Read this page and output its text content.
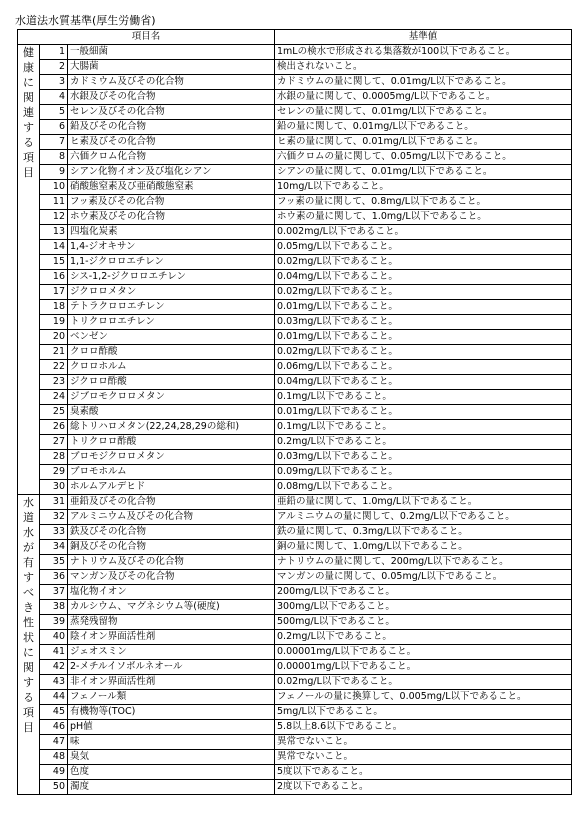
水道法水質基準(厚生労働省)
項目名			基準値

健康に関連する項目	1	一般細菌	1mLの検水で形成される集落数が100以下であること。
	2	大腸菌	検出されないこと。
	3	カドミウム及びその化合物	カドミウムの量に関して、0.01mg/L以下であること。
	4	水銀及びその化合物	水銀の量に関して、0.0005mg/L以下であること。
	5	セレン及びその化合物	セレンの量に関して、0.01mg/L以下であること。
	6	鉛及びその化合物	鉛の量に関して、0.01mg/L以下であること。
	7	ヒ素及びその化合物	ヒ素の量に関して、0.01mg/L以下であること。
	8	六価クロム化合物	六価クロムの量に関して、0.05mg/L以下であること。
	9	シアン化物イオン及び塩化シアン	シアンの量に関して、0.01mg/L以下であること。
	10	硝酸態窒素及び亜硝酸態窒素	10mg/L以下であること。
	11	フッ素及びその化合物	フッ素の量に関して、0.8mg/L以下であること。
	12	ホウ素及びその化合物	ホウ素の量に関して、1.0mg/L以下であること。
	13	四塩化炭素	0.002mg/L以下であること。
	14	1,4-ジオキサン	0.05mg/L以下であること。
	15	1,1-ジクロロエチレン	0.02mg/L以下であること。
	16	シス-1,2-ジクロロエチレン	0.04mg/L以下であること。
	17	ジクロロメタン	0.02mg/L以下であること。
	18	テトラクロロエチレン	0.01mg/L以下であること。
	19	トリクロロエチレン	0.03mg/L以下であること。
	20	ベンゼン	0.01mg/L以下であること。
	21	クロロ酢酸	0.02mg/L以下であること。
	22	クロロホルム	0.06mg/L以下であること。
	23	ジクロロ酢酸	0.04mg/L以下であること。
	24	ジブロモクロロメタン	0.1mg/L以下であること。
	25	臭素酸	0.01mg/L以下であること。
	26	総トリハロメタン(22,24,28,29の総和)	0.1mg/L以下であること。
	27	トリクロロ酢酸	0.2mg/L以下であること。
	28	ブロモジクロロメタン	0.03mg/L以下であること。
	29	ブロモホルム	0.09mg/L以下であること。
	30	ホルムアルデヒド	0.08mg/L以下であること。

水道水が有すべき性状に関する項目	31	亜鉛及びその化合物	亜鉛の量に関して、1.0mg/L以下であること。
	32	アルミニウム及びその化合物	アルミニウムの量に関して、0.2mg/L以下であること。
	33	鉄及びその化合物	鉄の量に関して、0.3mg/L以下であること。
	34	銅及びその化合物	銅の量に関して、1.0mg/L以下であること。
	35	ナトリウム及びその化合物	ナトリウムの量に関して、200mg/L以下であること。
	36	マンガン及びその化合物	マンガンの量に関して、0.05mg/L以下であること。
	37	塩化物イオン	200mg/L以下であること。
	38	カルシウム、マグネシウム等(硬度)	300mg/L以下であること。
	39	蒸発残留物	500mg/L以下であること。
	40	陰イオン界面活性剤	0.2mg/L以下であること。
	41	ジェオスミン	0.00001mg/L以下であること。
	42	2-メチルイソボルネオール	0.00001mg/L以下であること。
	43	非イオン界面活性剤	0.02mg/L以下であること。
	44	フェノール類	フェノールの量に換算して、0.005mg/L以下であること。
	45	有機物等(TOC)	5mg/L以下であること。
	46	pH値	5.8以上8.6以下であること。
	47	味	異常でないこと。
	48	臭気	異常でないこと。
	49	色度	5度以下であること。
	50	濁度	2度以下であること。
